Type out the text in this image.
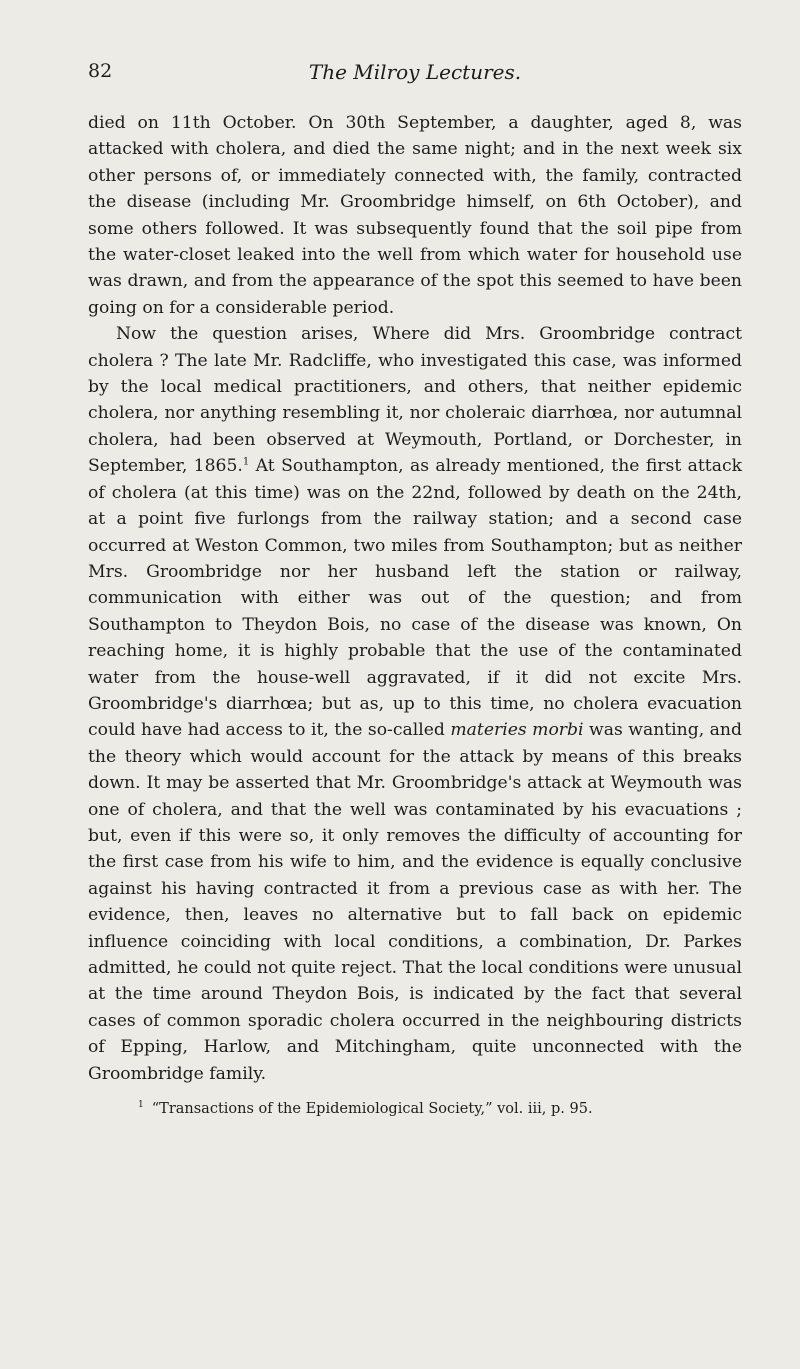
82	The Milroy Lectures.

died on 11th October. On 30th September, a daughter, aged 8, was attacked with cholera, and died the same night; and in the next week six other persons of, or immediately connected with, the family, contracted the disease (including Mr. Groombridge himself, on 6th October), and some others followed. It was subsequently found that the soil pipe from the water-closet leaked into the well from which water for household use was drawn, and from the appearance of the spot this seemed to have been going on for a considerable period.

Now the question arises, Where did Mrs. Groombridge contract cholera ? The late Mr. Radcliffe, who investigated this case, was informed by the local medical practitioners, and others, that neither epidemic cholera, nor anything resembling it, nor choleraic diarrhœa, nor autumnal cholera, had been observed at Weymouth, Portland, or Dorchester, in September, 1865.$^1$ At Southampton, as already mentioned, the first attack of cholera (at this time) was on the 22nd, followed by death on the 24th, at a point five furlongs from the railway station; and a second case occurred at Weston Common, two miles from Southampton; but as neither Mrs. Groombridge nor her husband left the station or railway, communication with either was out of the question; and from Southampton to Theydon Bois, no case of the disease was known, On reaching home, it is highly probable that the use of the contaminated water from the house-well aggravated, if it did not excite Mrs. Groombridge's diarrhœa; but as, up to this time, no cholera evacuation could have had access to it, the so-called materies morbi was wanting, and the theory which would account for the attack by means of this breaks down. It may be asserted that Mr. Groombridge's attack at Weymouth was one of cholera, and that the well was contaminated by his evacuations ; but, even if this were so, it only removes the difficulty of accounting for the first case from his wife to him, and the evidence is equally conclusive against his having contracted it from a previous case as with her. The evidence, then, leaves no alternative but to fall back on epidemic influence coinciding with local conditions, a combination, Dr. Parkes admitted, he could not quite reject. That the local conditions were unusual at the time around Theydon Bois, is indicated by the fact that several cases of common sporadic cholera occurred in the neighbouring districts of Epping, Harlow, and Mitchingham, quite unconnected with the Groombridge family.

$^1$ “Transactions of the Epidemiological Society,” vol. iii, p. 95.
